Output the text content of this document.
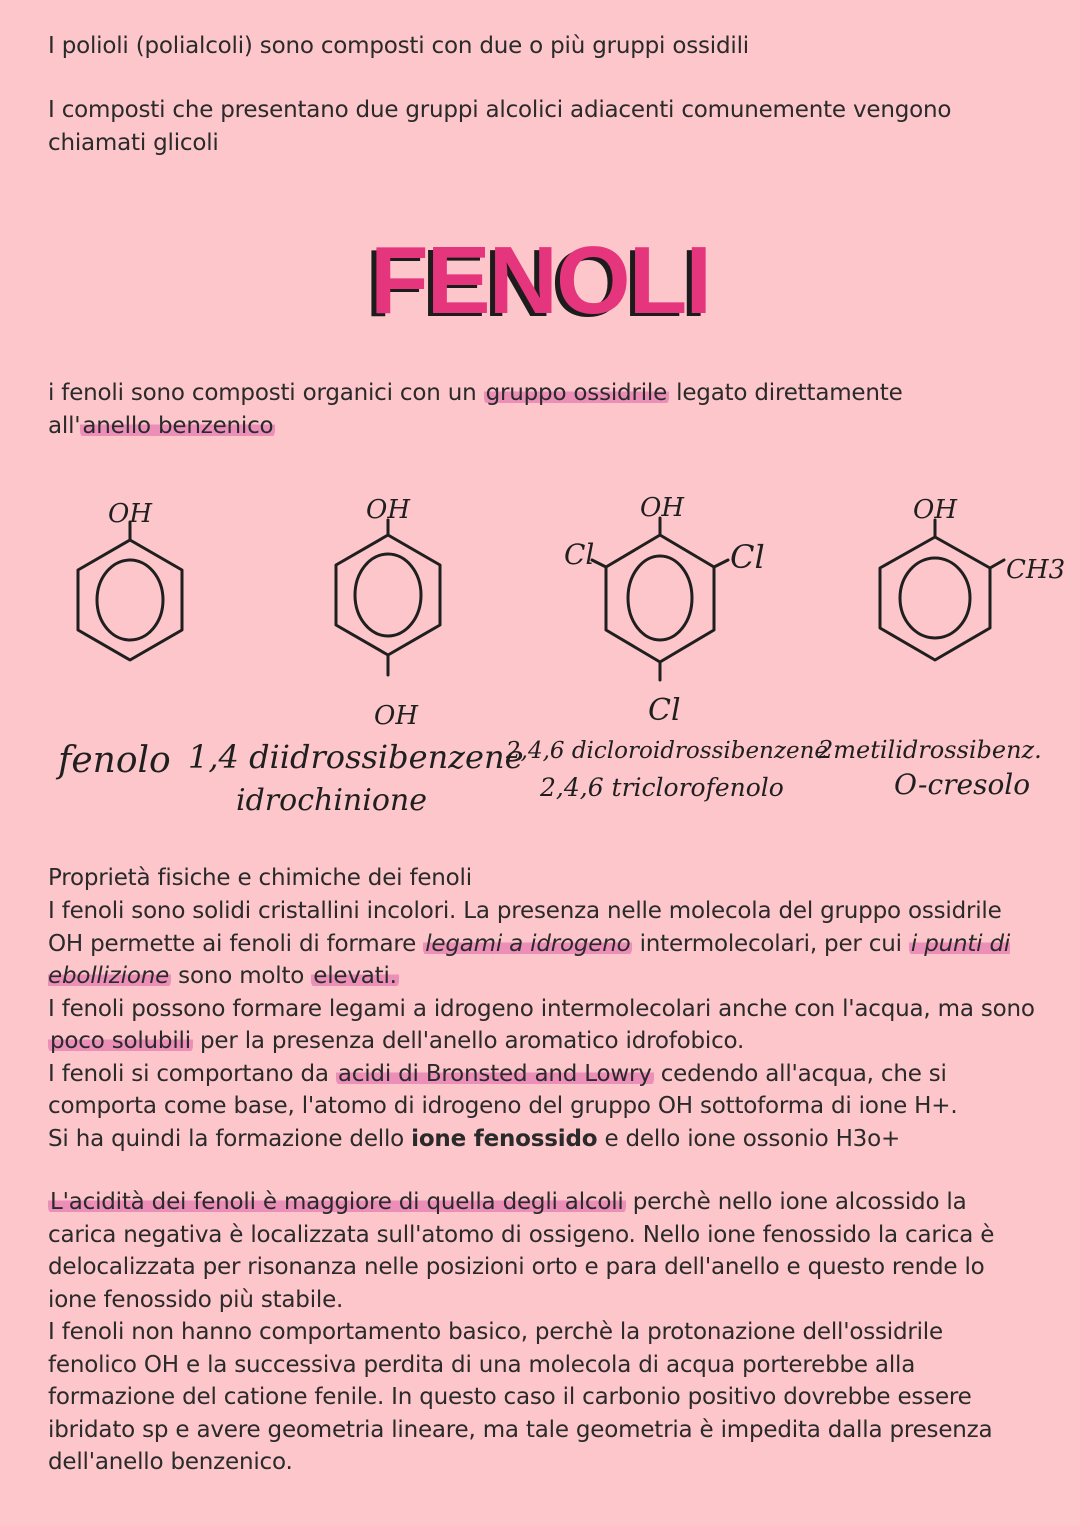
I polioli (polialcoli) sono composti con due o più gruppi ossidili
I composti che presentano due gruppi alcolici adiacenti comunemente vengono chiamati glicoli
FENOLI
i fenoli sono composti organici con un gruppo ossidrile legato direttamente all'anello benzenico
OH	OH
OH
OH
Cl	Cl
Cl
OH
CH3
fenolo 1,4 diidrossibenzene
idrochinione
2,4,6 dicloroidrossibenzene
2,4,6 triclorofenolo
2metilidrossibenz.
O-cresolo
Proprietà fisiche e chimiche dei fenoli
I fenoli sono solidi cristallini incolori. La presenza nelle molecola del gruppo ossidrile OH permette ai fenoli di formare legami a idrogeno intermolecolari, per cui i punti di ebollizione sono molto elevati.
I fenoli possono formare legami a idrogeno intermolecolari anche con l'acqua, ma sono poco solubili per la presenza dell'anello aromatico idrofobico.
I fenoli si comportano da acidi di Bronsted and Lowry cedendo all'acqua, che si comporta come base, l'atomo di idrogeno del gruppo OH sottoforma di ione H+.
Si ha quindi la formazione dello ione fenossido e dello ione ossonio H3o+
L'acidità dei fenoli è maggiore di quella degli alcoli perchè nello ione alcossido la carica negativa è localizzata sull'atomo di ossigeno. Nello ione fenossido la carica è delocalizzata per risonanza nelle posizioni orto e para dell'anello e questo rende lo ione fenossido più stabile.
I fenoli non hanno comportamento basico, perchè la protonazione dell'ossidrile fenolico OH e la successiva perdita di una molecola di acqua porterebbe alla formazione del catione fenile. In questo caso il carbonio positivo dovrebbe essere ibridato sp e avere geometria lineare, ma tale geometria è impedita dalla presenza dell'anello benzenico.
